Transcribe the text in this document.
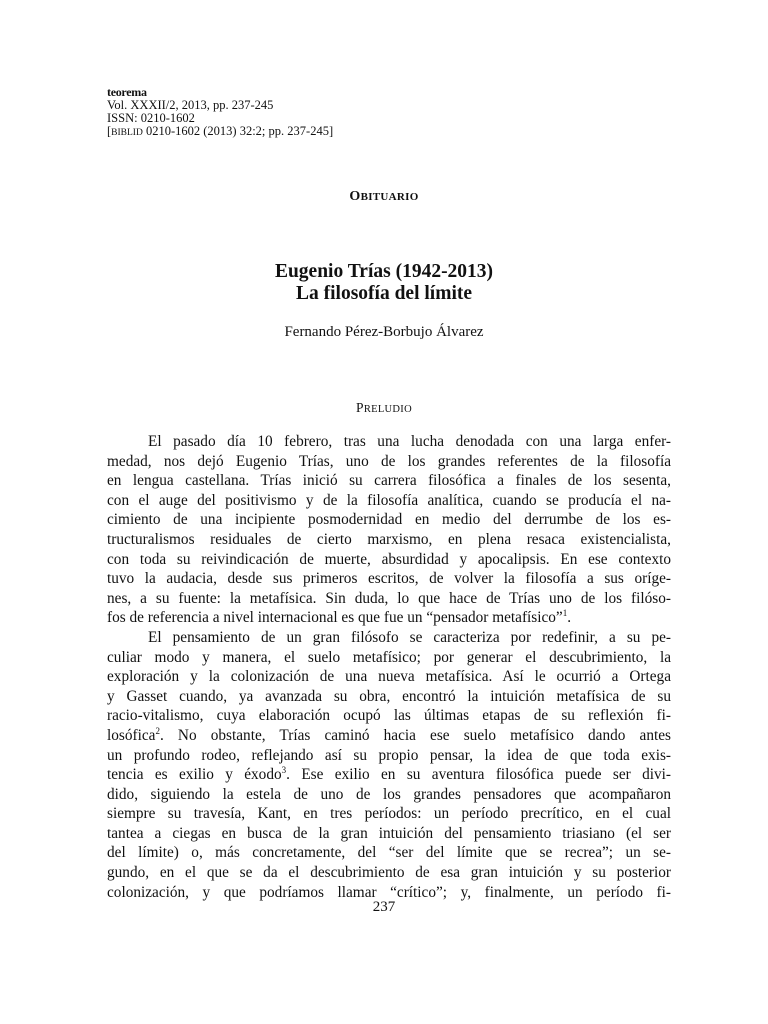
teorema
Vol. XXXII/2, 2013, pp. 237-245
ISSN: 0210-1602
[BIBLID 0210-1602 (2013) 32:2; pp. 237-245]
OBITUARIO
Eugenio Trías (1942-2013)
La filosofía del límite
Fernando Pérez-Borbujo Álvarez
PRELUDIO
El pasado día 10 febrero, tras una lucha denodada con una larga enfer-
medad, nos dejó Eugenio Trías, uno de los grandes referentes de la filosofía
en lengua castellana. Trías inició su carrera filosófica a finales de los sesenta,
con el auge del positivismo y de la filosofía analítica, cuando se producía el na-
cimiento de una incipiente posmodernidad en medio del derrumbe de los es-
tructuralismos residuales de cierto marxismo, en plena resaca existencialista,
con toda su reivindicación de muerte, absurdidad y apocalipsis. En ese contexto
tuvo la audacia, desde sus primeros escritos, de volver la filosofía a sus oríge-
nes, a su fuente: la metafísica. Sin duda, lo que hace de Trías uno de los filóso-
fos de referencia a nivel internacional es que fue un “pensador metafísico”$^1$.
El pensamiento de un gran filósofo se caracteriza por redefinir, a su pe-
culiar modo y manera, el suelo metafísico; por generar el descubrimiento, la
exploración y la colonización de una nueva metafísica. Así le ocurrió a Ortega
y Gasset cuando, ya avanzada su obra, encontró la intuición metafísica de su
racio-vitalismo, cuya elaboración ocupó las últimas etapas de su reflexión fi-
losófica$^2$. No obstante, Trías caminó hacia ese suelo metafísico dando antes
un profundo rodeo, reflejando así su propio pensar, la idea de que toda exis-
tencia es exilio y éxodo$^3$. Ese exilio en su aventura filosófica puede ser divi-
dido, siguiendo la estela de uno de los grandes pensadores que acompañaron
siempre su travesía, Kant, en tres períodos: un período precrítico, en el cual
tantea a ciegas en busca de la gran intuición del pensamiento triasiano (el ser
del límite) o, más concretamente, del “ser del límite que se recrea”; un se-
gundo, en el que se da el descubrimiento de esa gran intuición y su posterior
colonización, y que podríamos llamar “crítico”; y, finalmente, un período fi-
237
